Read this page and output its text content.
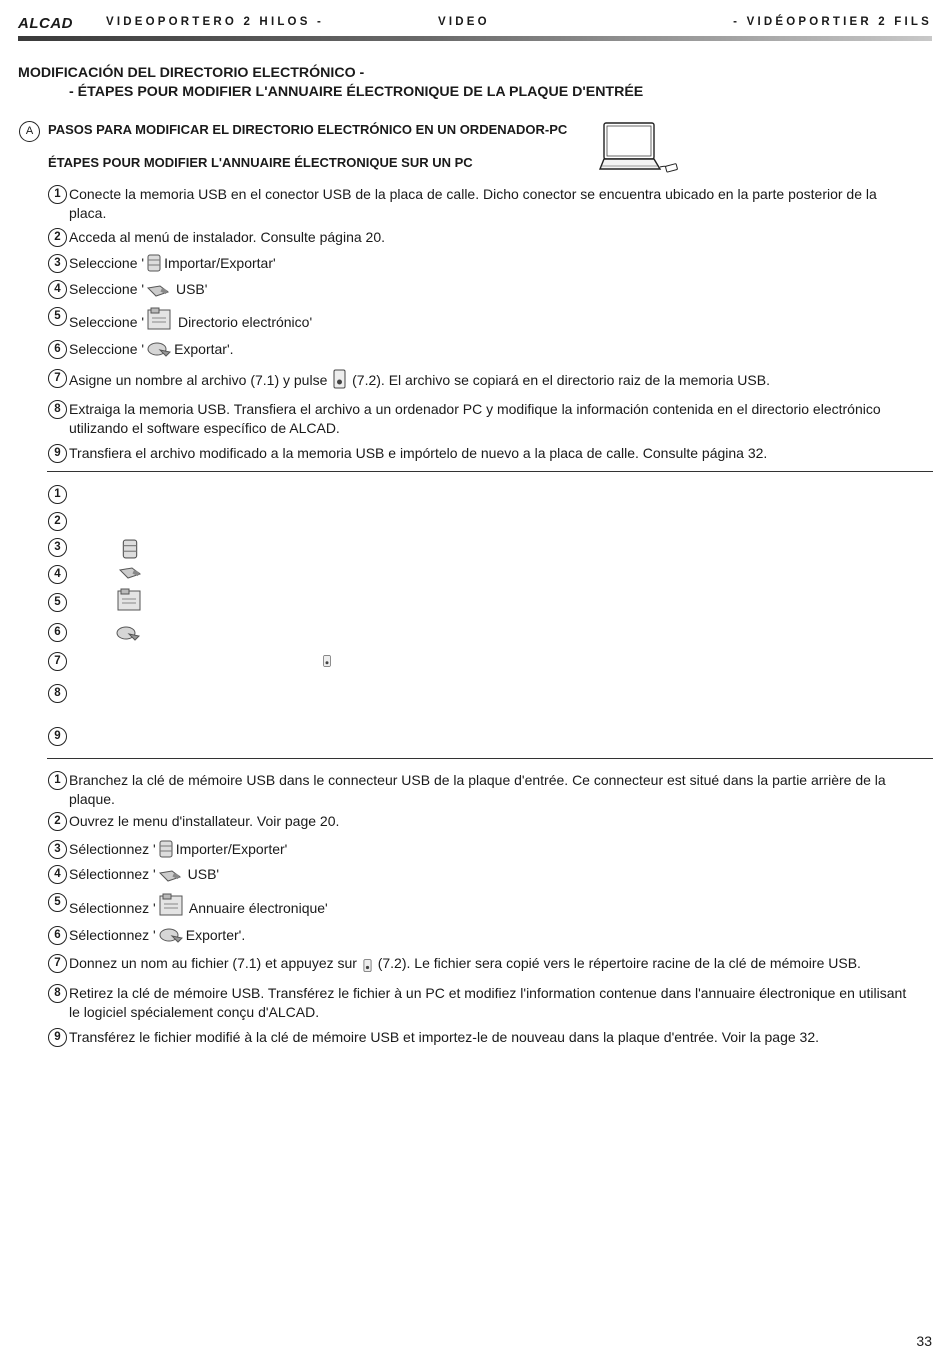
ALCAD	VIDEOPORTERO 2 HILOS -	VIDEO	- VIDÉOPORTIER 2 FILS
MODIFICACIÓN DEL DIRECTORIO ELECTRÓNICO -
- ÉTAPES POUR MODIFIER L'ANNUAIRE ÉLECTRONIQUE DE LA PLAQUE D'ENTRÉE
A	PASOS PARA MODIFICAR EL DIRECTORIO ELECTRÓNICO EN UN ORDENADOR-PC
ÉTAPES POUR MODIFIER L'ANNUAIRE ÉLECTRONIQUE SUR UN PC
1 Conecte la memoria USB en el conector USB de la placa de calle. Dicho conector se encuentra ubicado en la parte posterior de la
placa.
2 Acceda al menú de instalador. Consulte página 20.
3 Seleccione ' Importar/Exportar'
4 Seleccione ' USB'
5 Seleccione ' Directorio electrónico'
6 Seleccione ' Exportar'.
7 Asigne un nombre al archivo (7.1) y pulse (7.2). El archivo se copiará en el directorio raiz de la memoria USB.
8 Extraiga la memoria USB. Transfiera el archivo a un ordenador PC y modifique la información contenida en el directorio electrónico
utilizando el software específico de ALCAD.
9 Transfiera el archivo modificado a la memoria USB e impórtelo de nuevo a la placa de calle. Consulte página 32.
1
2
3
4
5
6
7
8
9
1 Branchez la clé de mémoire USB dans le connecteur USB de la plaque d'entrée. Ce connecteur est situé dans la partie arrière de la
plaque.
2 Ouvrez le menu d'installateur. Voir page 20.
3 Sélectionnez ' Importer/Exporter'
4 Sélectionnez ' USB'
5 Sélectionnez ' Annuaire électronique'
6 Sélectionnez ' Exporter'.
7 Donnez un nom au fichier (7.1) et appuyez sur (7.2). Le fichier sera copié vers le répertoire racine de la clé de mémoire USB.
8 Retirez la clé de mémoire USB. Transférez le fichier à un PC et modifiez l'information contenue dans l'annuaire électronique en utilisant
le logiciel spécialement conçu d'ALCAD.
9 Transférez le fichier modifié à la clé de mémoire USB et importez-le de nouveau dans la plaque d'entrée. Voir la page 32.
33
